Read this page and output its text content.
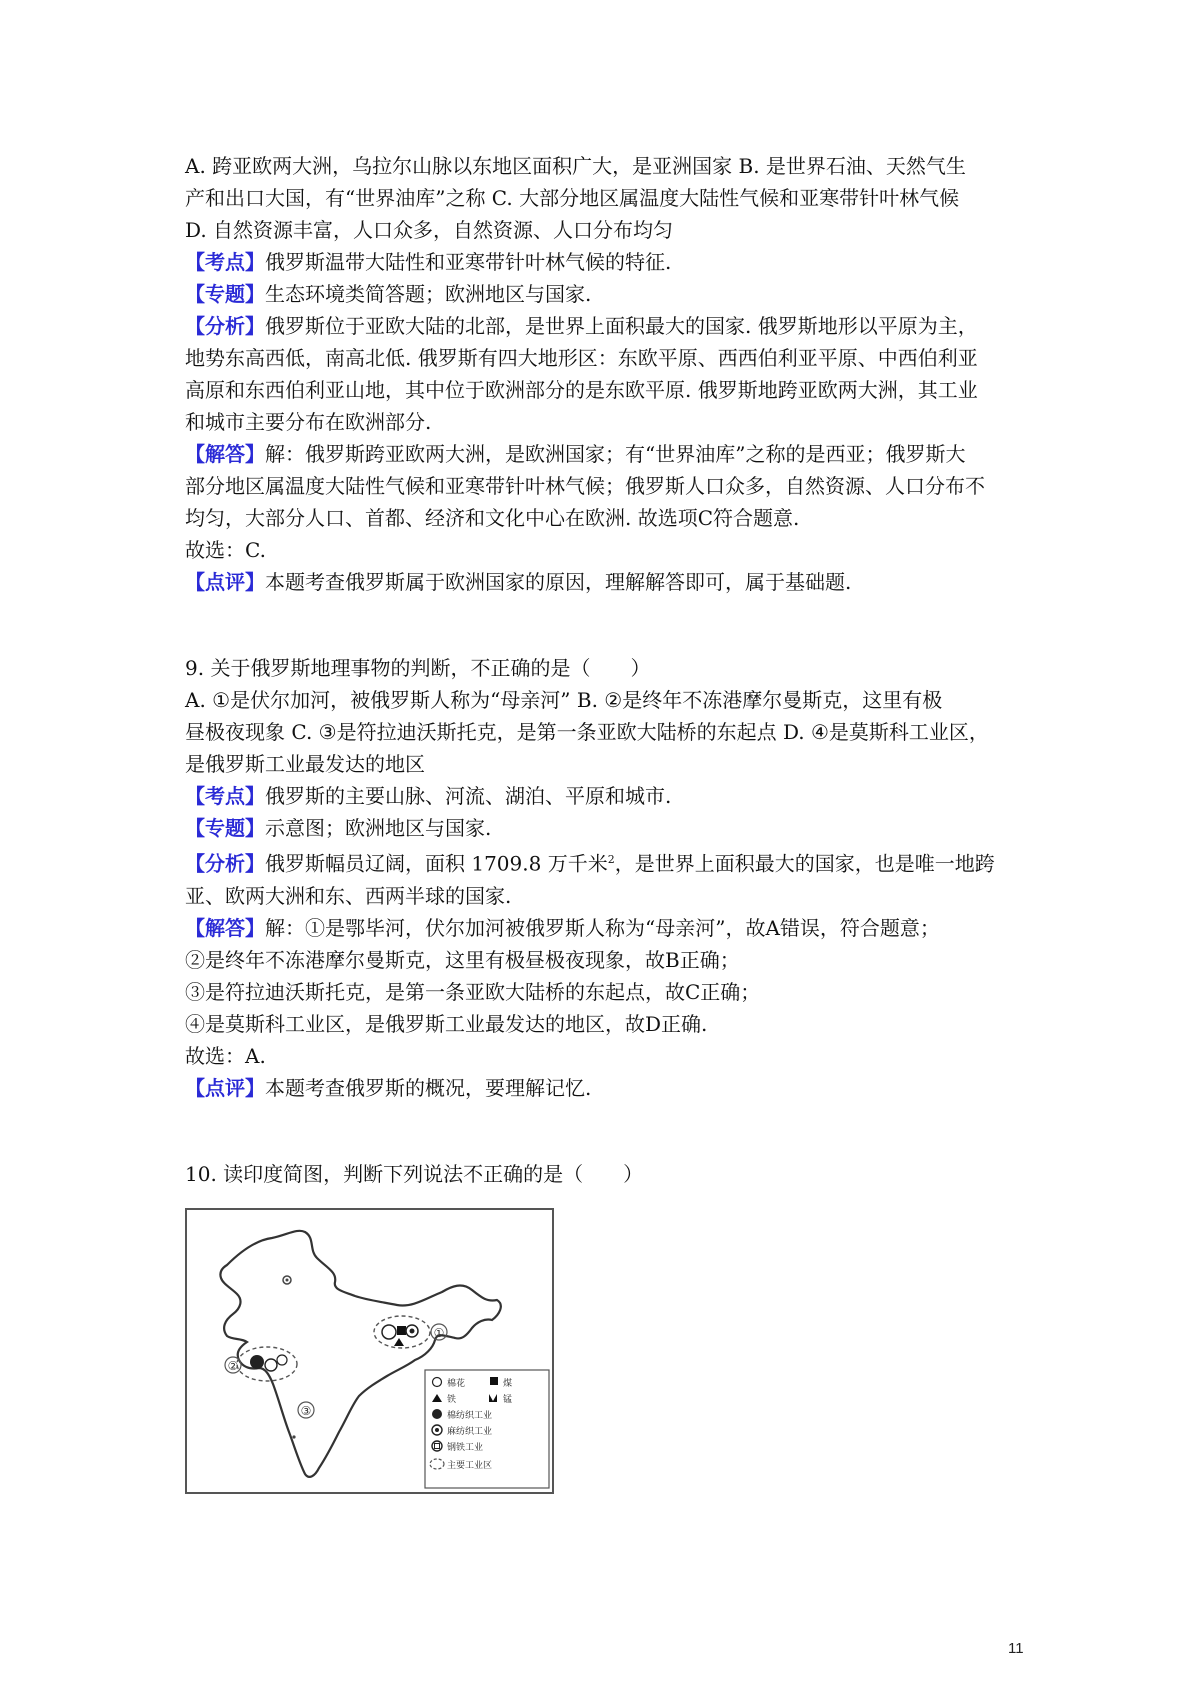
A. 跨亚欧两大洲，乌拉尔山脉以东地区面积广大，是亚洲国家 B. 是世界石油、天然气生
产和出口大国，有“世界油库”之称 C. 大部分地区属温度大陆性气候和亚寒带针叶林气候
D. 自然资源丰富，人口众多，自然资源、人口分布均匀
【考点】俄罗斯温带大陆性和亚寒带针叶林气候的特征.
【专题】生态环境类简答题；欧洲地区与国家.
【分析】俄罗斯位于亚欧大陆的北部，是世界上面积最大的国家. 俄罗斯地形以平原为主，
地势东高西低，南高北低. 俄罗斯有四大地形区：东欧平原、西西伯利亚平原、中西伯利亚
高原和东西伯利亚山地，其中位于欧洲部分的是东欧平原. 俄罗斯地跨亚欧两大洲，其工业
和城市主要分布在欧洲部分.
【解答】解：俄罗斯跨亚欧两大洲，是欧洲国家；有“世界油库”之称的是西亚；俄罗斯大
部分地区属温度大陆性气候和亚寒带针叶林气候；俄罗斯人口众多，自然资源、人口分布不
均匀，大部分人口、首都、经济和文化中心在欧洲. 故选项C符合题意.
故选：C.
【点评】本题考查俄罗斯属于欧洲国家的原因，理解解答即可，属于基础题.
9. 关于俄罗斯地理事物的判断，不正确的是（　　）
A. ①是伏尔加河，被俄罗斯人称为“母亲河” B. ②是终年不冻港摩尔曼斯克，这里有极
昼极夜现象 C. ③是符拉迪沃斯托克，是第一条亚欧大陆桥的东起点 D. ④是莫斯科工业区，
是俄罗斯工业最发达的地区
【考点】俄罗斯的主要山脉、河流、湖泊、平原和城市.
【专题】示意图；欧洲地区与国家.
【分析】俄罗斯幅员辽阔，面积 1709.8 万千米$^2$，是世界上面积最大的国家，也是唯一地跨
亚、欧两大洲和东、西两半球的国家.
【解答】解：①是鄂毕河，伏尔加河被俄罗斯人称为“母亲河”，故A错误，符合题意；
②是终年不冻港摩尔曼斯克，这里有极昼极夜现象，故B正确；
③是符拉迪沃斯托克，是第一条亚欧大陆桥的东起点，故C正确；
④是莫斯科工业区，是俄罗斯工业最发达的地区，故D正确.
故选：A.
【点评】本题考查俄罗斯的概况，要理解记忆.
10. 读印度简图，判断下列说法不正确的是（　　）
①
②
③
棉花	煤
铁	锰
棉纺织工业
麻纺织工业
钢铁工业
主要工业区
11
